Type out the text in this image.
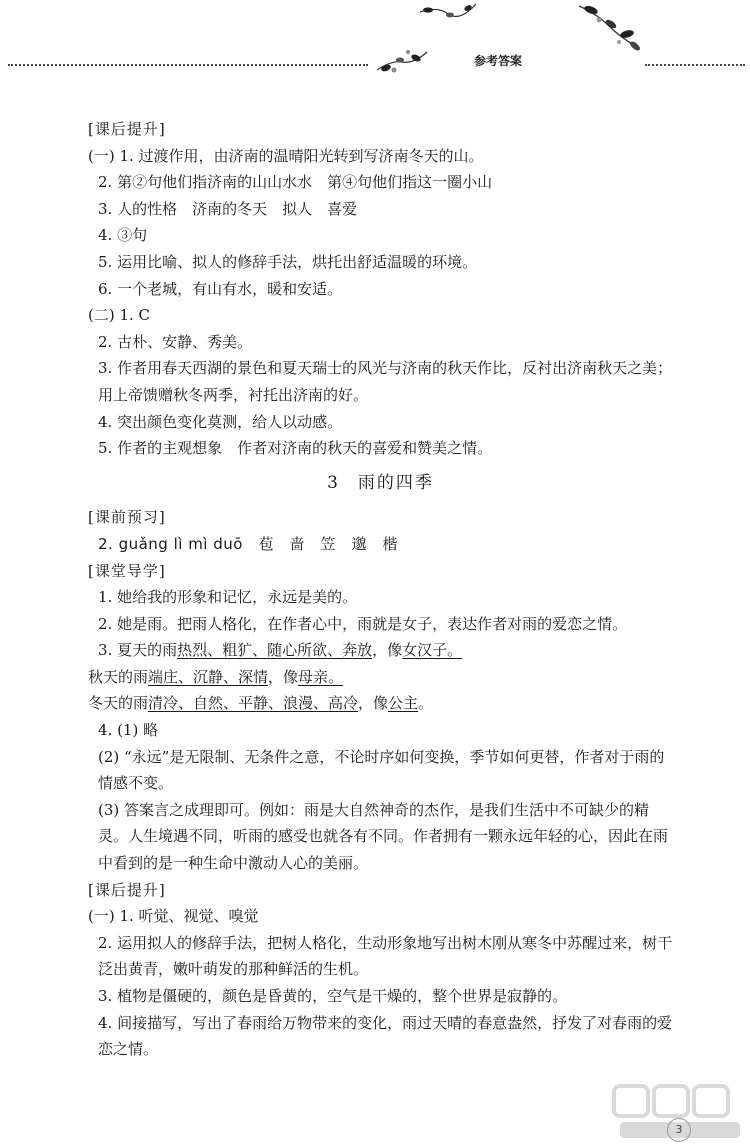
参考答案
[课后提升]
(一) 1. 过渡作用，由济南的温晴阳光转到写济南冬天的山。
2. 第②句他们指济南的山山水水　第④句他们指这一圈小山
3. 人的性格　济南的冬天　拟人　喜爱
4. ③句
5. 运用比喻、拟人的修辞手法，烘托出舒适温暖的环境。
6. 一个老城，有山有水，暖和安适。
(二) 1. C
2. 古朴、安静、秀美。
3. 作者用春天西湖的景色和夏天瑞士的风光与济南的秋天作比，反衬出济南秋天之美；用上帝馈赠秋冬两季，衬托出济南的好。
4. 突出颜色变化莫测，给人以动感。
5. 作者的主观想象　作者对济南的秋天的喜爱和赞美之情。
3 雨的四季
[课前预习]
2. guǎng lì mì duō　苞　啬　笠　邈　楷
[课堂导学]
1. 她给我的形象和记忆，永远是美的。
2. 她是雨。把雨人格化，在作者心中，雨就是女子，表达作者对雨的爱恋之情。
3. 夏天的雨热烈、粗犷、随心所欲、奔放，像女汉子。
秋天的雨端庄、沉静、深情，像母亲。
冬天的雨清冷、自然、平静、浪漫、高冷，像公主。
4. (1) 略
(2) “永远”是无限制、无条件之意，不论时序如何变换，季节如何更替，作者对于雨的情感不变。
(3) 答案言之成理即可。例如：雨是大自然神奇的杰作，是我们生活中不可缺少的精灵。人生境遇不同，听雨的感受也就各有不同。作者拥有一颗永远年轻的心，因此在雨中看到的是一种生命中激动人心的美丽。
[课后提升]
(一) 1. 听觉、视觉、嗅觉
2. 运用拟人的修辞手法，把树人格化，生动形象地写出树木刚从寒冬中苏醒过来，树干泛出黄青，嫩叶萌发的那种鲜活的生机。
3. 植物是僵硬的，颜色是昏黄的，空气是干燥的，整个世界是寂静的。
4. 间接描写，写出了春雨给万物带来的变化，雨过天晴的春意盎然，抒发了对春雨的爱恋之情。
3
